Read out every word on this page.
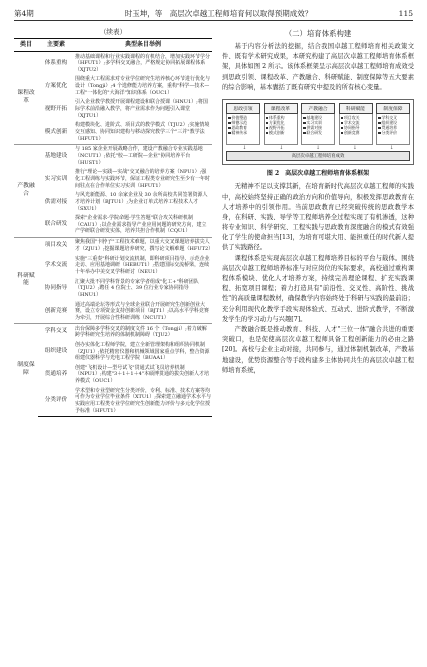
第4期	时玉坤，等　高层次卓越工程师培育何以取得预期成效？	115
（续表）
类目	主要素	典型条目举例
课程改革	体系重构	推动基础课程和行业实践课程的有机结合，增加实践环节学分（HFUT1）;多学科交叉融合，严格规定协同拓展课程体系（XJTU2）
	方案优化	围绕重大工程需求对专业学位研究生培养核心环节进行优化与设计（Tongji）;4 个选修能力培养方案，重构"科学—技术—工程"一体化的"大海洋"知识体系（OUC1）
	视野开拓	引入企业教学教授开展课程建设和联合授课（HNU1）;将国际学术前沿融入教学，将产业需求作为问题引入课堂（XJTU1）
	模式创新	构建模块化、进阶式、项目式的教学模式（TJU2）;实施情境交互感知、协同知识建构与移动探究教学三个"三并"教学法（HFUT1）
产教融合	基地建设	与 185 家企业开展战略合作，建设产教融合专业实践基地（NCUT1）;依托"校—工研院—企业"协同培养平台（HUST1）
	实习实训	推行"理论—实践—实战"交叉融合的培养方案（NPU1）;强化工程训练与实践环节，保证工程类专业研究生至少有一年时间驻点在合作单位实习实训（HFUT1）
	供需对接	与风光新能源、10 余家企业及 30 余所高校共同签署资源人才培养计划（BJTU1）;为企业订单式培养工程技术人才（SXU1）
	联合研发	探索"企业需求-学院命题-学生答题"联合攻关科研机制（CAU1）;以企业需求指导产业应用问题的研究方向，建立产学研联合研发实体，培养共担合作机制（CQU1）
科研赋能	项目攻关	聚焦我国"卡脖子"工程技术难题，以重大交叉课题培养拔尖人才（ZJU1）;挖掘课题培养研究，撰写论文解难题（HFUT2）
	学术交流	实施"三重奏"科研计划交流机制，即科研项目指导、示范企业走访、应用基地调研（HEBUT1）;搭建国际交流桥梁，连续十年举办中美交叉学科研讨（NEU1）
	协同指导	汇聚大批不同学科背景的专家学者组成"化工+"科研团队（TJU2）;聘任 4 位院士、39 位行业专家协同指导（HNU1）
	创新竞赛	通过高端论坛等形式与全球企业联合开展研究生创新创业大赛，设立专项资金支持创新项目（BJT1）;以高水平学科竞赛为牵引，开展综合性科研训练（NCUT1）
制度保障	学科交叉	出台保障多学科交叉的制度文件 16 个（Tongji）;着力破解跨学科研究生培养的体制机制障碍（TJU2）
	组织建设	创办实体化工程师学院，建立全新管理架构和组织协同机制（ZJU1）;依托精密仪器和机械领域国家重点学科，整合资源组建仪器科学与光电工程学院（BUAA1）
	贯通培养	创建"飞机设计—型号试飞"贯通式试飞员培养机制（NPU1）;构建"3＋1＋1＋4"本硕博贯通的拔尖创新人才培养模式（OUC1）
	分类评价	学术型和专业型研究生分类评价，专利、标准、技术方案等均可作为专业学位毕业条件（XTU1）;探索建立融通学术水平与实践应用工程类专业学位研究生创新能力评价与多元化学位授予标准（HFUT1）
（二）培育体系构建

基于内容分析法的挖掘，结合我国卓越工程师培育相关政策文件、既有学术研究成果，本研究构建了高层次卓越工程师培育体系框架，具体如图 2 所示。该体系框架呈示高层次卓越工程师培育成效受到思政引领、课程改革、产教融合、科研赋能、制度保障等五大要素的综合影响，基本囊括了既有研究中提及的所有核心变量。

思政引领
价值塑造
师德示范
思政教育
精神传承
课程改革
体系重构
方案优化
视野开拓
模式创新
产教融合
基地建设
实习实训
供需对接
联合研发
科研赋能
项目攻关
学术交流
协同指导
创新竞赛
制度保障
学科交叉
组织建设
贯通培养
分类评价
↓	↓	↓	↓	↓
高层次卓越工程师培育成效
图 2　高层次卓越工程师培育体系框架

无精神不足以支撑其新，在培育新时代高层次卓越工程师的实践中，高校始终坚持正确的政治方向和价值导向，积极发挥思政教育在人才培养中的引领作用。当前思政教育已经突破传统的思政教学本身，在科研、实践、导学等工程师培养全过程实现了有机渗透，这种将专业知识、科学研究、工程实践与思政教育深度融合的模式有效强化了学生的使命担当[13]，为培育可堪大用、能担重任的时代新人提供了实践路径。

课程体系是实现高层次卓越工程师培养目标的平台与载体。围绕高层次卓越工程师培养标准与对应岗位的实际要求，高校通过重构课程体系模块、优化人才培养方案，持续完善理论课程、扩充实践课程、拓宽项目课程；着力打造具有"前沿性、交叉性、高阶性、挑战性"的高质量课程教材，确保教学内容始终处于科研与实践的最前沿；充分利用现代化教学手段实现体验式、互动式、进阶式教学，不断激发学生的学习动力与兴趣[7]。

产教融合既是推动教育、科技、人才"三位一体"融合共进的重要突破口，也是促使高层次卓越工程师具备工程创新能力的必由之路[20]。高校与企业主动对接，共同参与，通过体制机制改革，产教基地建设，优势资源整合等手段构建多主体协同共生的高层次卓越工程师培育系统，
